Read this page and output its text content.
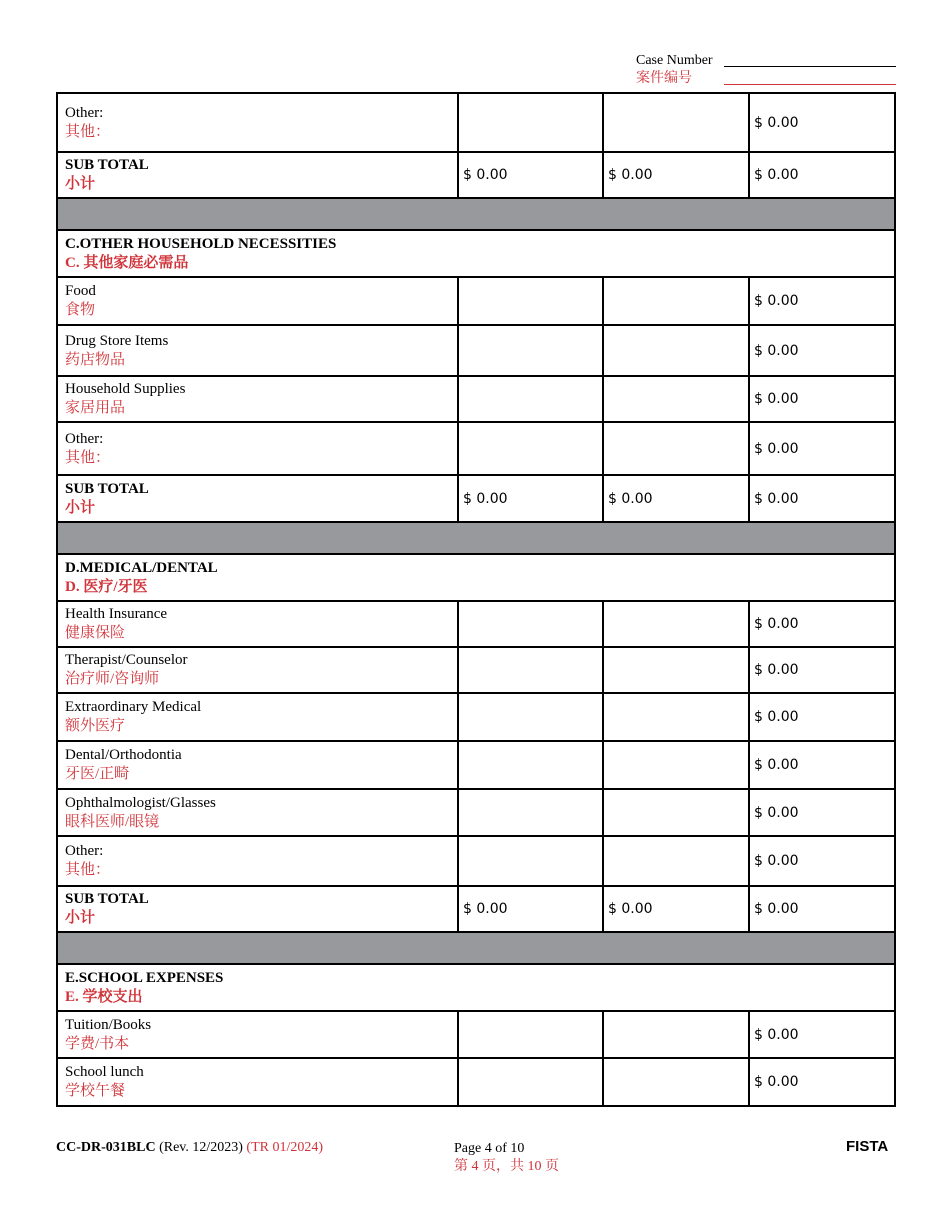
Case Number
案件编号
Other:
其他：			$ 0.00

SUB TOTAL
小计	$ 0.00	$ 0.00	$ 0.00

C.OTHER HOUSEHOLD NECESSITIES
C. 其他家庭必需品			

Food
食物			$ 0.00

Drug Store Items
药店物品			$ 0.00

Household Supplies
家居用品			$ 0.00

Other:
其他：			$ 0.00

SUB TOTAL
小计	$ 0.00	$ 0.00	$ 0.00

D.MEDICAL/DENTAL
D. 医疗/牙医			

Health Insurance
健康保险			$ 0.00

Therapist/Counselor
治疗师/咨询师			$ 0.00

Extraordinary Medical
额外医疗			$ 0.00

Dental/Orthodontia
牙医/正畸			$ 0.00

Ophthalmologist/Glasses
眼科医师/眼镜			$ 0.00

Other:
其他：			$ 0.00

SUB TOTAL
小计	$ 0.00	$ 0.00	$ 0.00

E.SCHOOL EXPENSES
E. 学校支出			

Tuition/Books
学费/书本			$ 0.00

School lunch
学校午餐			$ 0.00
CC-DR-031BLC (Rev. 12/2023) (TR 01/2024)	Page 4 of 10
第 4 页，共 10 页
FISTA
